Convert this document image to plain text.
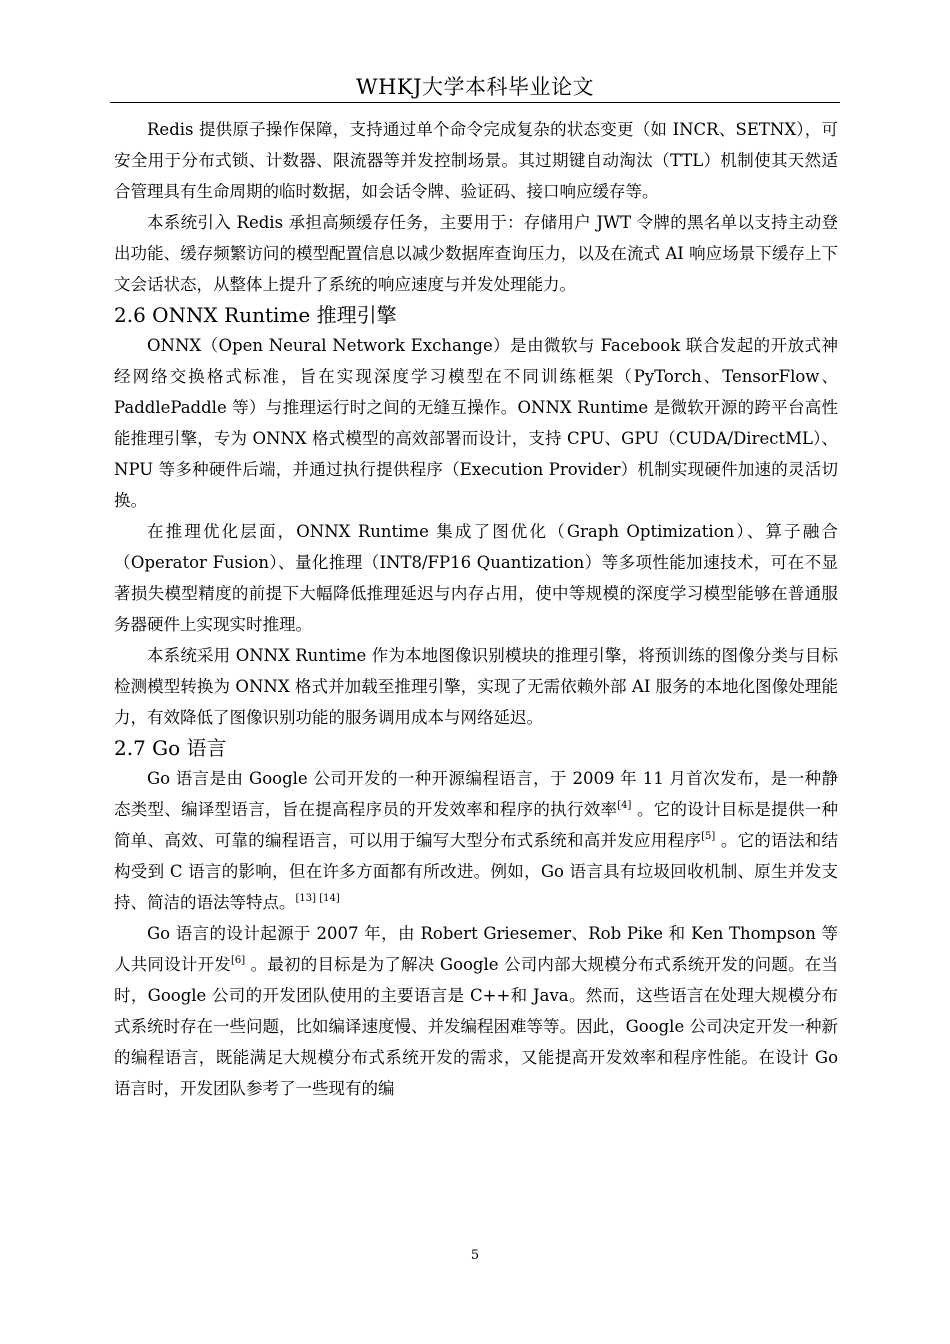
WHKJ大学本科毕业论文

Redis 提供原子操作保障，支持通过单个命令完成复杂的状态变更（如 INCR、SETNX），可安全用于分布式锁、计数器、限流器等并发控制场景。其过期键自动淘汰（TTL）机制使其天然适合管理具有生命周期的临时数据，如会话令牌、验证码、接口响应缓存等。

本系统引入 Redis 承担高频缓存任务，主要用于：存储用户 JWT 令牌的黑名单以支持主动登出功能、缓存频繁访问的模型配置信息以减少数据库查询压力，以及在流式 AI 响应场景下缓存上下文会话状态，从整体上提升了系统的响应速度与并发处理能力。

2.6 ONNX Runtime 推理引擎

ONNX（Open Neural Network Exchange）是由微软与 Facebook 联合发起的开放式神经网络交换格式标准，旨在实现深度学习模型在不同训练框架（PyTorch、TensorFlow、PaddlePaddle 等）与推理运行时之间的无缝互操作。ONNX Runtime 是微软开源的跨平台高性能推理引擎，专为 ONNX 格式模型的高效部署而设计，支持 CPU、GPU（CUDA/DirectML）、NPU 等多种硬件后端，并通过执行提供程序（Execution Provider）机制实现硬件加速的灵活切换。

在推理优化层面，ONNX Runtime 集成了图优化（Graph Optimization）、算子融合（Operator Fusion）、量化推理（INT8/FP16 Quantization）等多项性能加速技术，可在不显著损失模型精度的前提下大幅降低推理延迟与内存占用，使中等规模的深度学习模型能够在普通服务器硬件上实现实时推理。

本系统采用 ONNX Runtime 作为本地图像识别模块的推理引擎，将预训练的图像分类与目标检测模型转换为 ONNX 格式并加载至推理引擎，实现了无需依赖外部 AI 服务的本地化图像处理能力，有效降低了图像识别功能的服务调用成本与网络延迟。

2.7 Go 语言

Go 语言是由 Google 公司开发的一种开源编程语言，于 2009 年 11 月首次发布，是一种静态类型、编译型语言，旨在提高程序员的开发效率和程序的执行效率[4] 。它的设计目标是提供一种简单、高效、可靠的编程语言，可以用于编写大型分布式系统和高并发应用程序[5] 。它的语法和结构受到 C 语言的影响，但在许多方面都有所改进。例如，Go 语言具有垃圾回收机制、原生并发支持、简洁的语法等特点。[13] [14]

Go 语言的设计起源于 2007 年，由 Robert Griesemer、Rob Pike 和 Ken Thompson 等人共同设计开发[6] 。最初的目标是为了解决 Google 公司内部大规模分布式系统开发的问题。在当时，Google 公司的开发团队使用的主要语言是 C++和 Java。然而，这些语言在处理大规模分布式系统时存在一些问题，比如编译速度慢、并发编程困难等等。因此，Google 公司决定开发一种新的编程语言，既能满足大规模分布式系统开发的需求，又能提高开发效率和程序性能。在设计 Go 语言时，开发团队参考了一些现有的编

5
